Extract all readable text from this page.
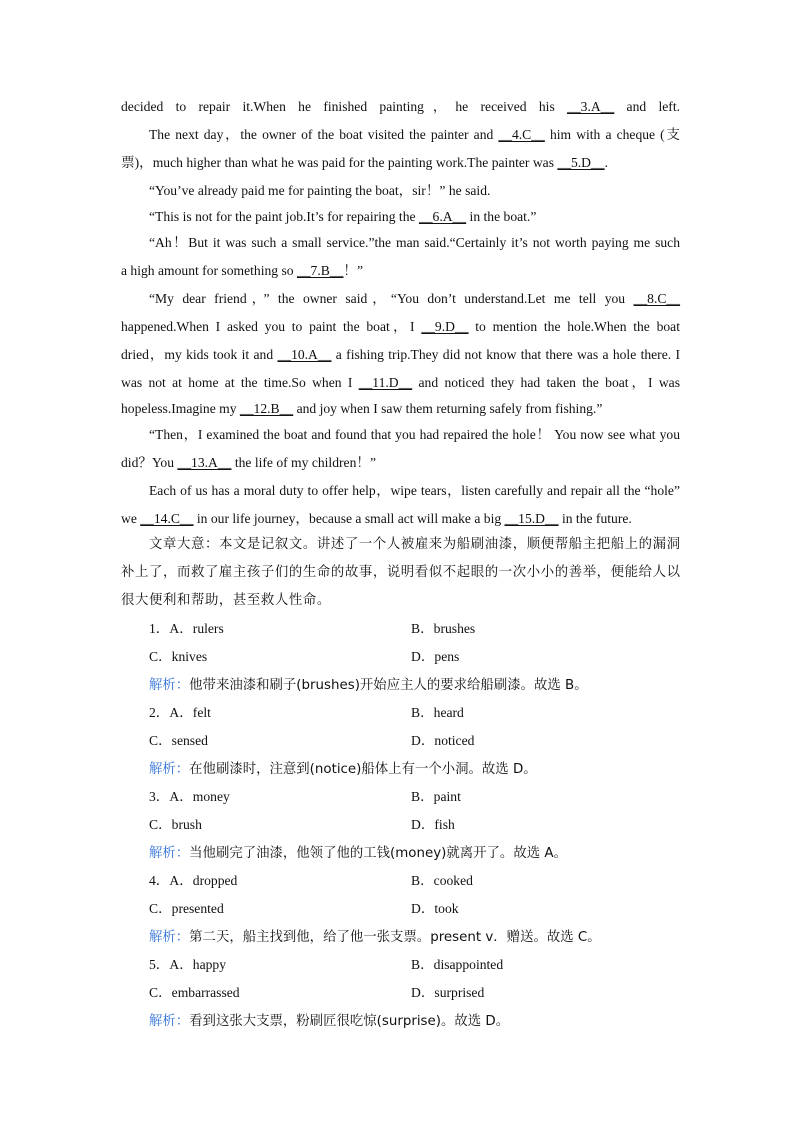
decided to repair it.When he finished painting，he received his __3.A__ and left.
The next day，the owner of the boat visited the painter and __4.C__ him with a cheque (支
票)，much higher than what he was paid for the painting work.The painter was __5.D__.
“You’ve already paid me for painting the boat，sir！” he said.
“This is not for the paint job.It’s for repairing the __6.A__ in the boat.”
“Ah！But it was such a small service.”the man said.“Certainly it’s not worth paying me such
a high amount for something so __7.B__！”
“My dear friend，” the owner said，“You don’t understand.Let me tell you __8.C__
happened.When I asked you to paint the boat，I __9.D__ to mention the hole.When the boat
dried，my kids took it and __10.A__ a fishing trip.They did not know that there was a hole there. I
was not at home at the time.So when I __11.D__ and noticed they had taken the boat，I was
hopeless.Imagine my __12.B__ and joy when I saw them returning safely from fishing.”
“Then，I examined the boat and found that you had repaired the hole！ You now see what you
did？You __13.A__ the life of my children！”
Each of us has a moral duty to offer help，wipe tears，listen carefully and repair all the “hole”
we __14.C__ in our life journey，because a small act will make a big __15.D__ in the future.
文章大意：本文是记叙文。讲述了一个人被雇来为船刷油漆，顺便帮船主把船上的漏洞
补上了，而救了雇主孩子们的生命的故事，说明看似不起眼的一次小小的善举，便能给人以
很大便利和帮助，甚至救人性命。
1．A．rulers	B．brushes
C．knives	D．pens
解析：他带来油漆和刷子(brushes)开始应主人的要求给船刷漆。故选 B。
2．A．felt	B．heard
C．sensed	D．noticed
解析：在他刷漆时，注意到(notice)船体上有一个小洞。故选 D。
3．A．money	B．paint
C．brush	D．fish
解析：当他刷完了油漆，他领了他的工钱(money)就离开了。故选 A。
4．A．dropped	B．cooked
C．presented	D．took
解析：第二天，船主找到他，给了他一张支票。present v．赠送。故选 C。
5．A．happy	B．disappointed
C．embarrassed	D．surprised
解析：看到这张大支票，粉刷匠很吃惊(surprise)。故选 D。
